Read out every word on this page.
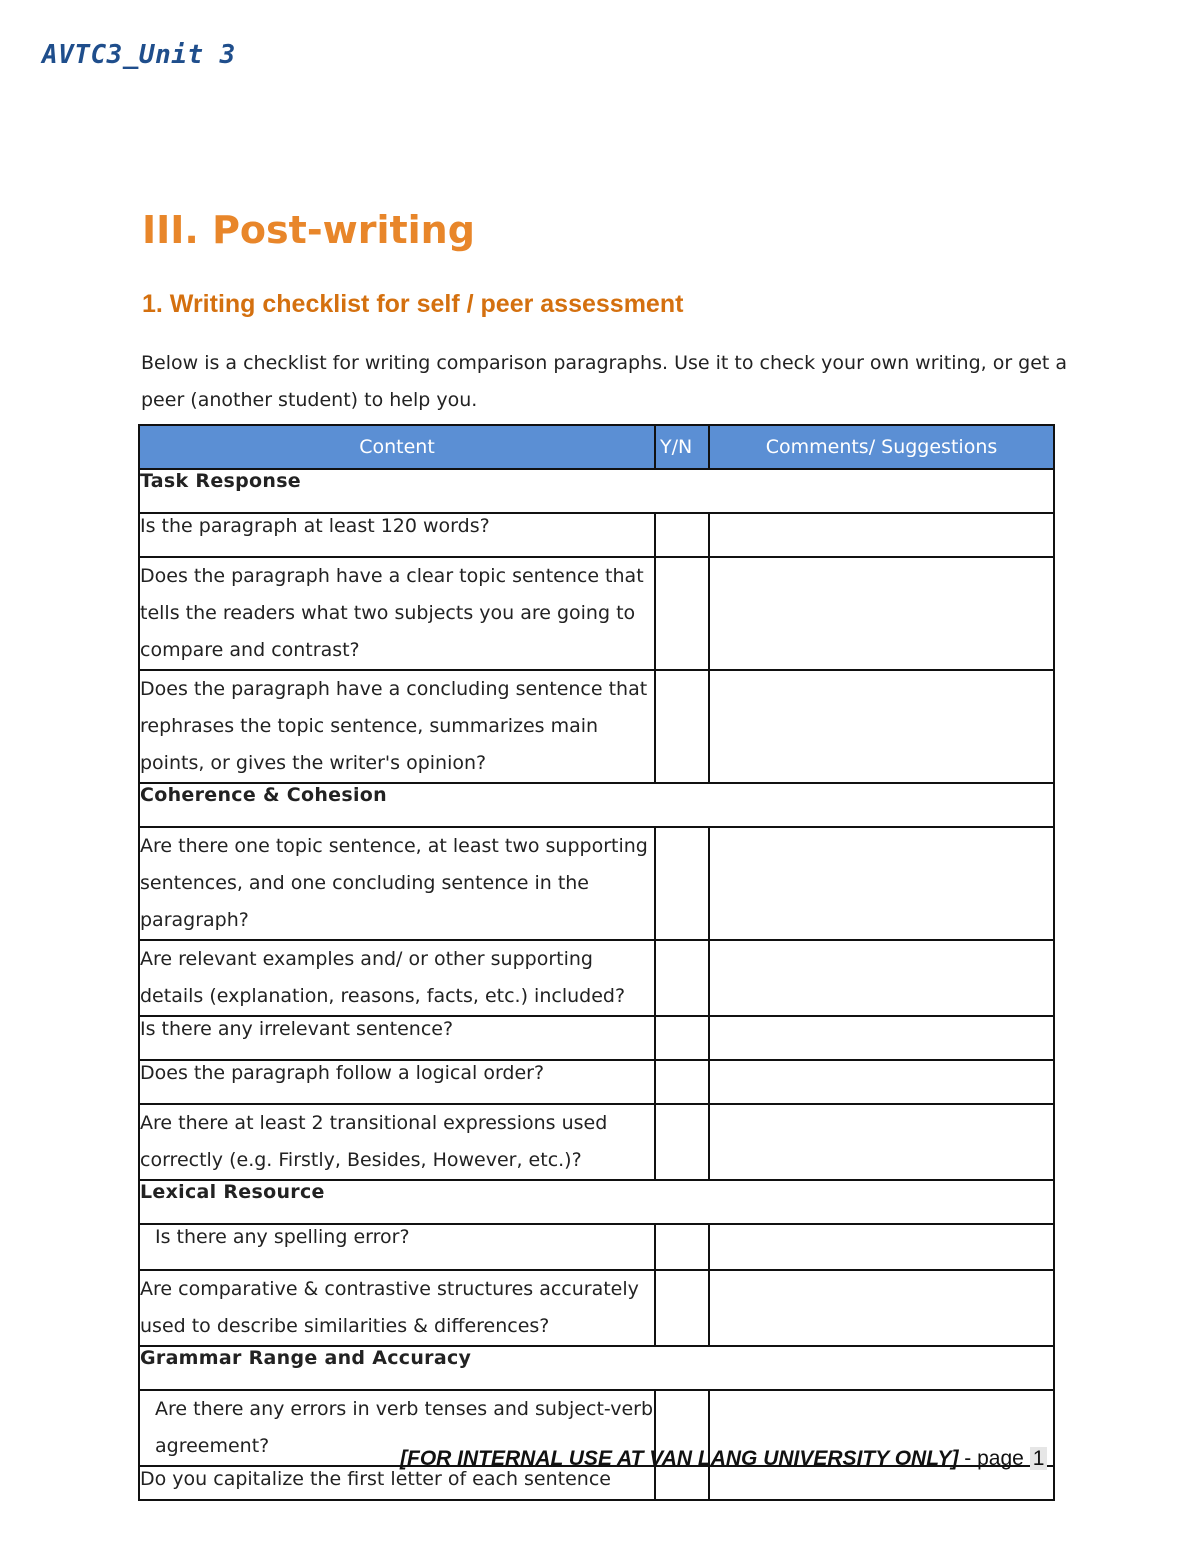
AVTC3_Unit 3
III. Post-writing
1. Writing checklist for self / peer assessment
Below is a checklist for writing comparison paragraphs. Use it to check your own writing, or get a peer (another student) to help you.
Content	Y/N	Comments/ Suggestions
Task Response		
Is the paragraph at least 120 words?		
Does the paragraph have a clear topic sentence that tells the readers what two subjects you are going to compare and contrast?		
Does the paragraph have a concluding sentence that rephrases the topic sentence, summarizes main points, or gives the writer's opinion?		
Coherence & Cohesion		
Are there one topic sentence, at least two supporting sentences, and one concluding sentence in the paragraph?		
Are relevant examples and/ or other supporting details (explanation, reasons, facts, etc.) included?		
Is there any irrelevant sentence?		
Does the paragraph follow a logical order?		
Are there at least 2 transitional expressions used correctly (e.g. Firstly, Besides, However, etc.)?		
Lexical Resource		
Is there any spelling error?		
Are comparative & contrastive structures accurately used to describe similarities & differences?		
Grammar Range and Accuracy		
Are there any errors in verb tenses and subject-verb agreement?		
Do you capitalize the first letter of each sentence		
[FOR INTERNAL USE AT VAN LANG UNIVERSITY ONLY] - page 1
